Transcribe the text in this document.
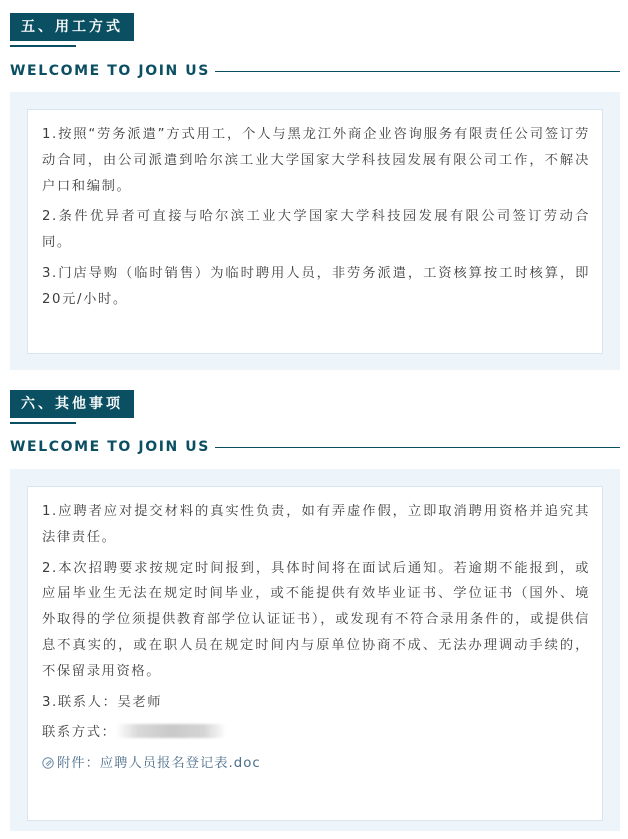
五、用工方式
WELCOME TO JOIN US

1.按照“劳务派遣”方式用工，个人与黑龙江外商企业咨询服务有限责任公司签订劳动合同，由公司派遣到哈尔滨工业大学国家大学科技园发展有限公司工作，不解决户口和编制。

2.条件优异者可直接与哈尔滨工业大学国家大学科技园发展有限公司签订劳动合同。

3.门店导购（临时销售）为临时聘用人员，非劳务派遣，工资核算按工时核算，即20元/小时。

六、其他事项
WELCOME TO JOIN US

1.应聘者应对提交材料的真实性负责，如有弄虚作假，立即取消聘用资格并追究其法律责任。

2.本次招聘要求按规定时间报到，具体时间将在面试后通知。若逾期不能报到，或应届毕业生无法在规定时间毕业，或不能提供有效毕业证书、学位证书（国外、境外取得的学位须提供教育部学位认证证书），或发现有不符合录用条件的，或提供信息不真实的，或在职人员在规定时间内与原单位协商不成、无法办理调动手续的，不保留录用资格。

3.联系人：吴老师

联系方式：

附件：应聘人员报名登记表.doc
